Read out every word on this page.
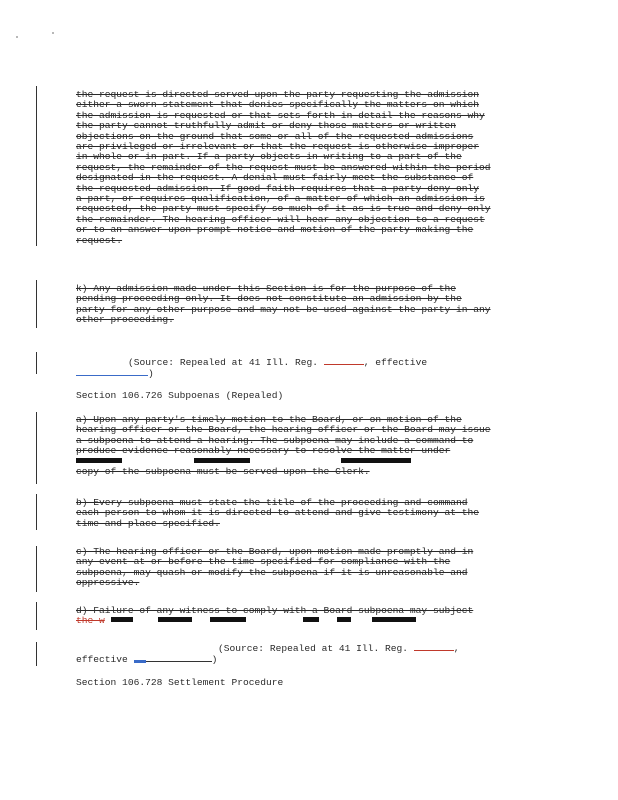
the request is directed served upon the party requesting the admission
either a sworn statement that denies specifically the matters on which
the admission is requested or that sets forth in detail the reasons why
the party cannot truthfully admit or deny those matters or written
objections on the ground that some or all of the requested admissions
are privileged or irrelevant or that the request is otherwise improper
in whole or in part. If a party objects in writing to a part of the
request, the remainder of the request must be answered within the period
designated in the request. A denial must fairly meet the substance of
the requested admission. If good faith requires that a party deny only
a part, or requires qualification, of a matter of which an admission is
requested, the party must specify so much of it as is true and deny only
the remainder. The hearing officer will hear any objection to a request
or to an answer upon prompt notice and motion of the party making the
request.
k) Any admission made under this Section is for the purpose of the
pending proceeding only. It does not constitute an admission by the
party for any other purpose and may not be used against the party in any
other proceeding.
(Source: Repealed at 41 Ill. Reg.	, effective
)
Section 106.726 Subpoenas (Repealed)
a) Upon any party's timely motion to the Board, or on motion of the
hearing officer or the Board, the hearing officer or the Board may issue
a subpoena to attend a hearing. The subpoena may include a command to
produce evidence reasonably necessary to resolve the matter under

copy of the subpoena must be served upon the Clerk.
b) Every subpoena must state the title of the proceeding and command
each person to whom it is directed to attend and give testimony at the
time and place specified.
c) The hearing officer or the Board, upon motion made promptly and in
any event at or before the time specified for compliance with the
subpoena, may quash or modify the subpoena if it is unreasonable and
oppressive.
d) Failure of any witness to comply with a Board subpoena may subject
the w
(Source: Repealed at 41 Ill. Reg.	,
effective	)
Section 106.728 Settlement Procedure
